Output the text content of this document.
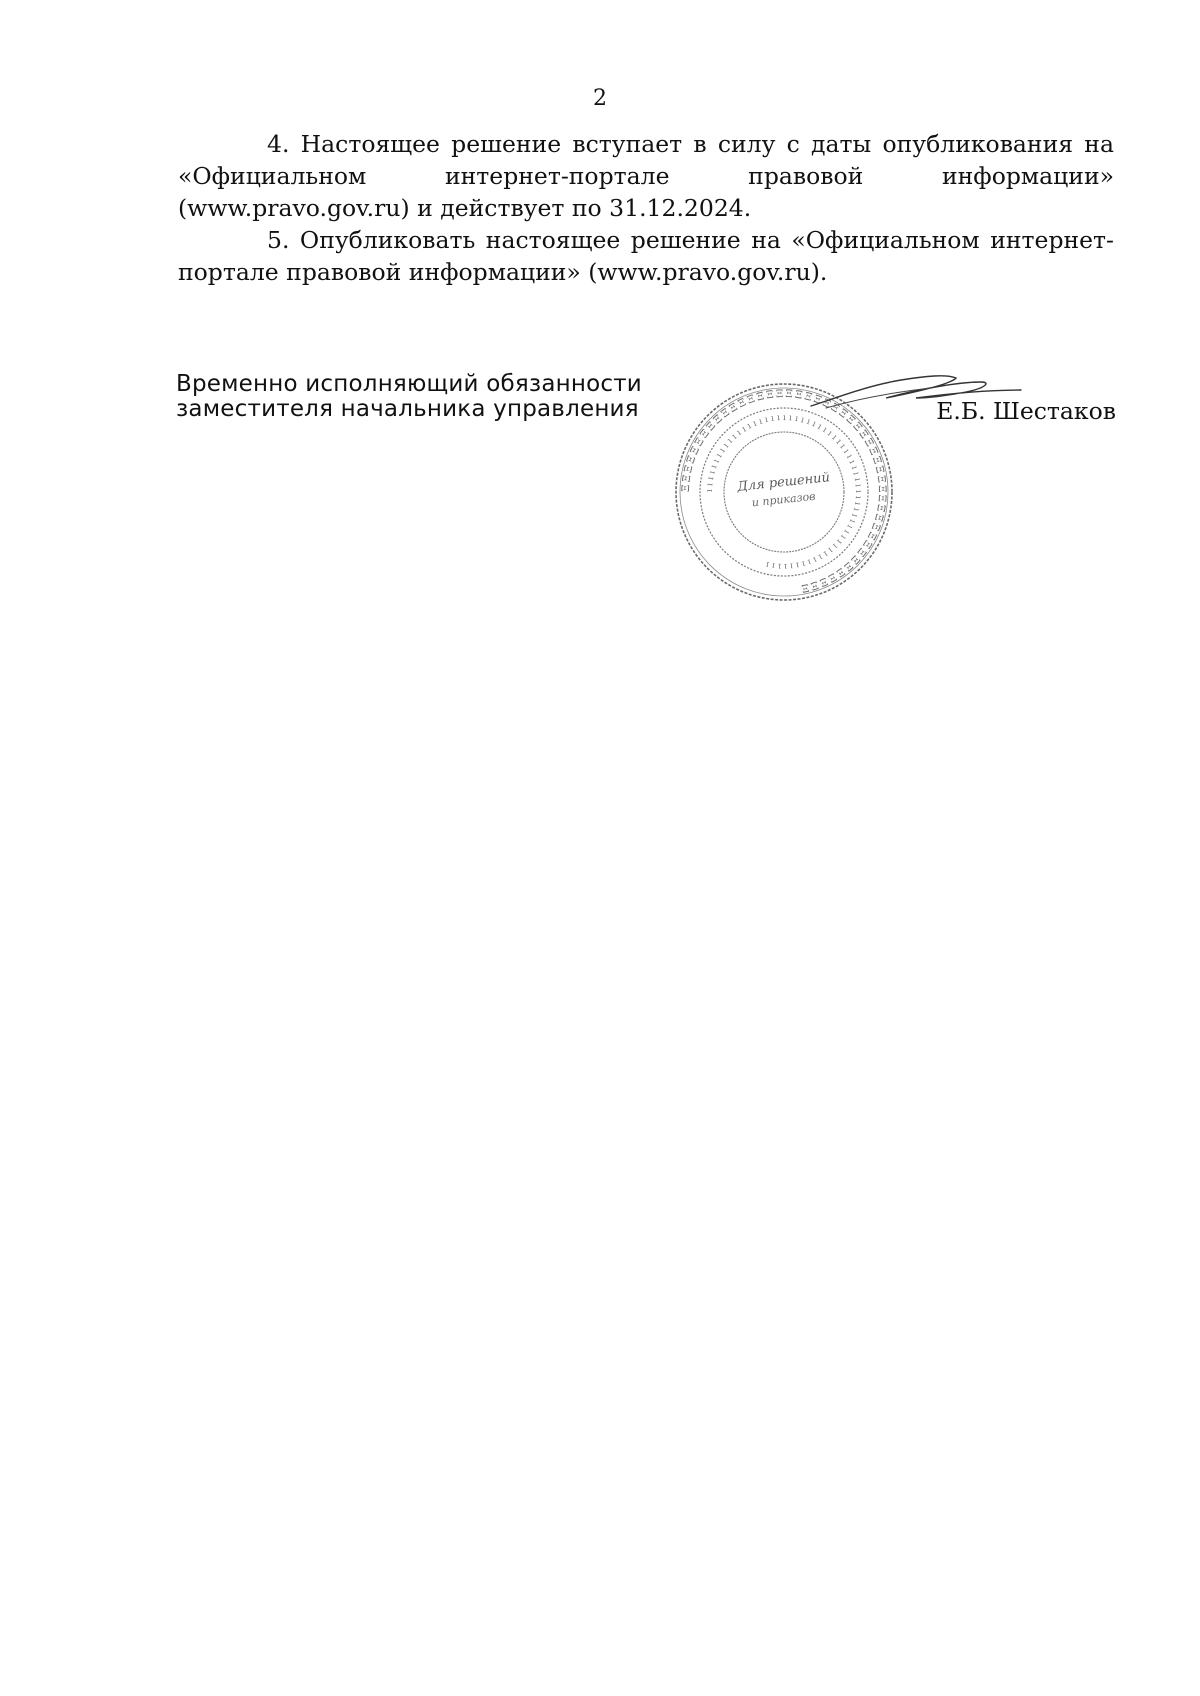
2

4. Настоящее решение вступает в силу с даты опубликования на «Официальном интернет-портале правовой информации» (www.pravo.gov.ru) и действует по 31.12.2024.

5. Опубликовать настоящее решение на «Официальном интернет-портале правовой информации» (www.pravo.gov.ru).

Временно исполняющий обязанности
заместителя начальника управления
ΞΞΞΞΞΞΞΞΞΞΞΞΞΞΞΞΞΞΞΞΞΞΞΞΞΞΞΞΞΞΞΞΞΞΞΞΞΞΞΞΞΞΞΞΞΞ
ııııııııııııııııııııııııııııııııııııııııııııııııııııııııııııı
Для решений
и приказов
Е.Б. Шестаков
